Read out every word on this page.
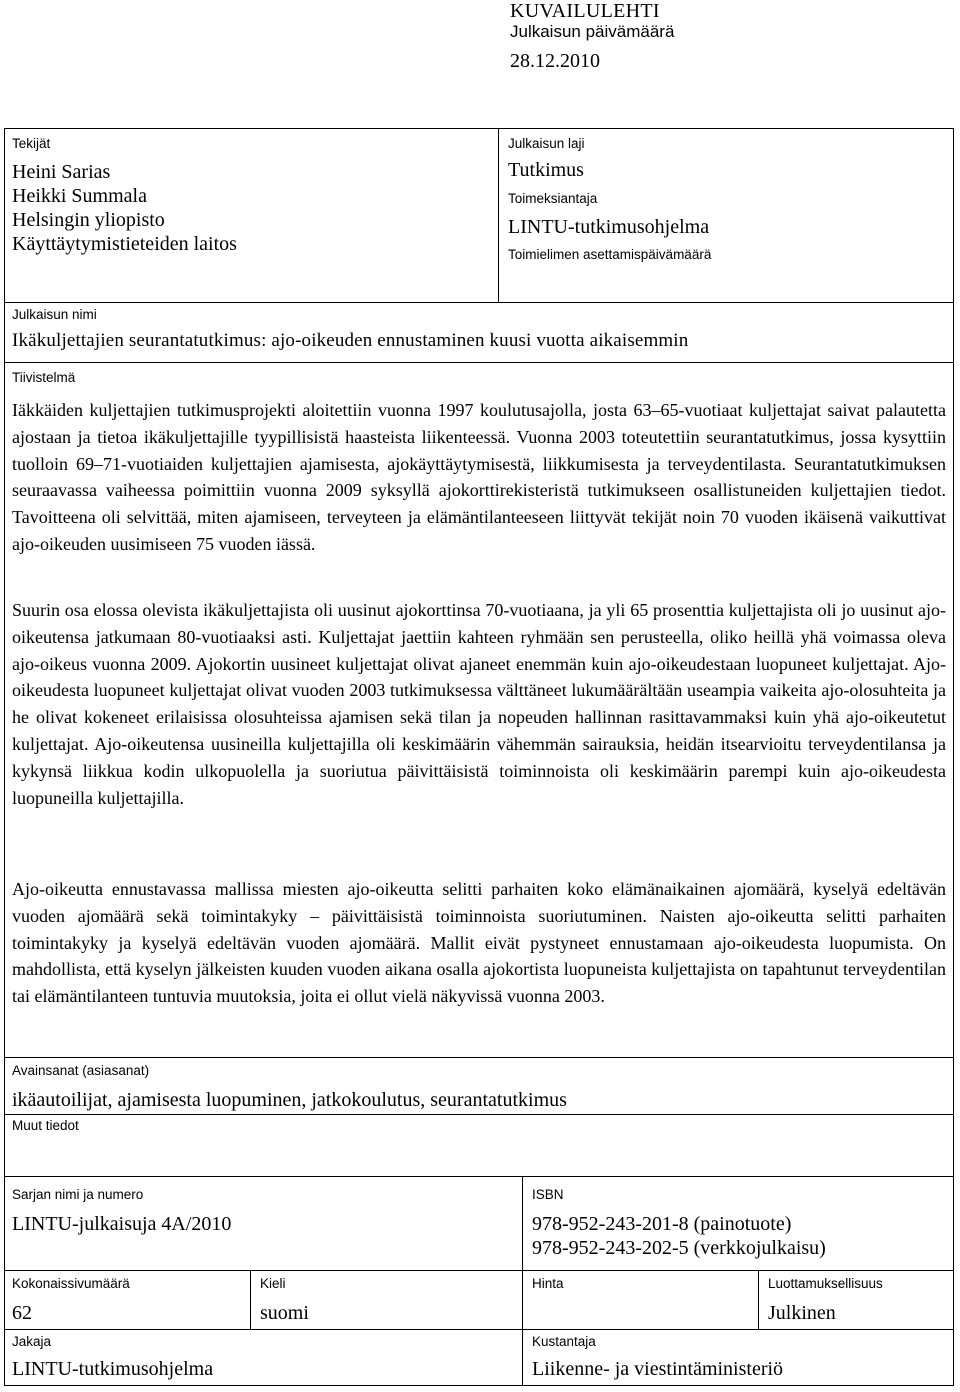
KUVAILULEHTI
Julkaisun päivämäärä
28.12.2010
Tekijät
Heini Sarias
Heikki Summala
Helsingin yliopisto
Käyttäytymistieteiden laitos
Julkaisun laji
Tutkimus
Toimeksiantaja
LINTU-tutkimusohjelma
Toimielimen asettamispäivämäärä
Julkaisun nimi
Ikäkuljettajien seurantatutkimus: ajo-oikeuden ennustaminen kuusi vuotta aikaisemmin
Tiivistelmä

Iäkkäiden kuljettajien tutkimusprojekti aloitettiin vuonna 1997 koulutusajolla, josta 63–65-vuotiaat kuljettajat saivat palautetta ajostaan ja tietoa ikäkuljettajille tyypillisistä haasteista liikenteessä. Vuonna 2003 toteutettiin seurantatutkimus, jossa kysyttiin tuolloin 69–71-vuotiaiden kuljettajien ajamisesta, ajokäyttäytymisestä, liikkumisesta ja terveydentilasta. Seurantatutkimuksen seuraavassa vaiheessa poimittiin vuonna 2009 syksyllä ajokorttirekisteristä tutkimukseen osallistuneiden kuljettajien tiedot. Tavoitteena oli selvittää, miten ajamiseen, terveyteen ja elämäntilanteeseen liittyvät tekijät noin 70 vuoden ikäisenä vaikuttivat ajo-oikeuden uusimiseen 75 vuoden iässä.

Suurin osa elossa olevista ikäkuljettajista oli uusinut ajokorttinsa 70-vuotiaana, ja yli 65 prosenttia kuljettajista oli jo uusinut ajo-oikeutensa jatkumaan 80-vuotiaaksi asti. Kuljettajat jaettiin kahteen ryhmään sen perusteella, oliko heillä yhä voimassa oleva ajo-oikeus vuonna 2009. Ajokortin uusineet kuljettajat olivat ajaneet enemmän kuin ajo-oikeudestaan luopuneet kuljettajat. Ajo-oikeudesta luopuneet kuljettajat olivat vuoden 2003 tutkimuksessa välttäneet lukumäärältään useampia vaikeita ajo-olosuhteita ja he olivat kokeneet erilaisissa olosuhteissa ajamisen sekä tilan ja nopeuden hallinnan rasittavammaksi kuin yhä ajo-oikeutetut kuljettajat. Ajo-oikeutensa uusineilla kuljettajilla oli keskimäärin vähemmän sairauksia, heidän itsearvioitu terveydentilansa ja kykynsä liikkua kodin ulkopuolella ja suoriutua päivittäisistä toiminnoista oli keskimäärin parempi kuin ajo-oikeudesta luopuneilla kuljettajilla.

Ajo-oikeutta ennustavassa mallissa miesten ajo-oikeutta selitti parhaiten koko elämänaikainen ajomäärä, kyselyä edeltävän vuoden ajomäärä sekä toimintakyky – päivittäisistä toiminnoista suoriutuminen. Naisten ajo-oikeutta selitti parhaiten toimintakyky ja kyselyä edeltävän vuoden ajomäärä. Mallit eivät pystyneet ennustamaan ajo-oikeudesta luopumista. On mahdollista, että kyselyn jälkeisten kuuden vuoden aikana osalla ajokortista luopuneista kuljettajista on tapahtunut terveydentilan tai elämäntilanteen tuntuvia muutoksia, joita ei ollut vielä näkyvissä vuonna 2003.

Avainsanat (asiasanat)
ikäautoilijat, ajamisesta luopuminen, jatkokoulutus, seurantatutkimus
Muut tiedot
Sarjan nimi ja numero
LINTU-julkaisuja 4A/2010
ISBN
978-952-243-201-8 (painotuote)
978-952-243-202-5 (verkkojulkaisu)
Kokonaissivumäärä
62
Kieli
suomi
Hinta	Luottamuksellisuus
Julkinen
Jakaja
LINTU-tutkimusohjelma
Kustantaja
Liikenne- ja viestintäministeriö
